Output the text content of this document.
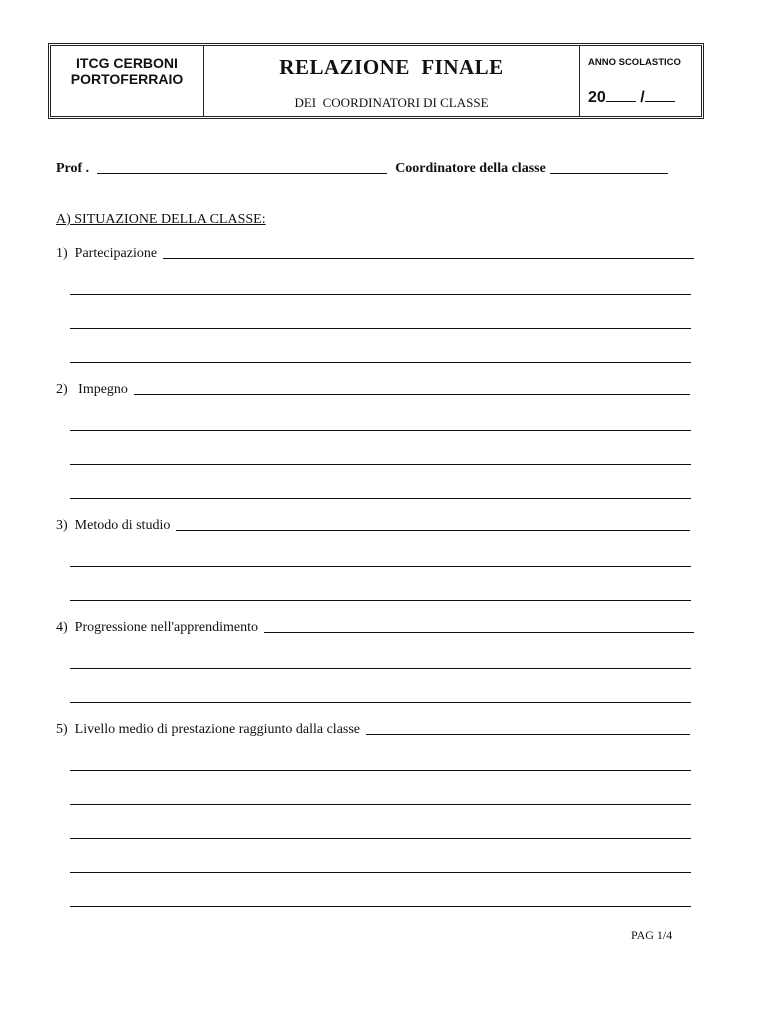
ITCG CERBONI
PORTOFERRAIO	RELAZIONE  FINALE
DEI  COORDINATORI DI CLASSE
ANNO SCOLASTICO
20 /
Prof .	Coordinatore della classe
A) SITUAZIONE DELLA CLASSE:
1)  Partecipazione
2)   Impegno
3)  Metodo di studio
4)  Progressione nell'apprendimento
5)  Livello medio di prestazione raggiunto dalla classe
PAG 1/4
